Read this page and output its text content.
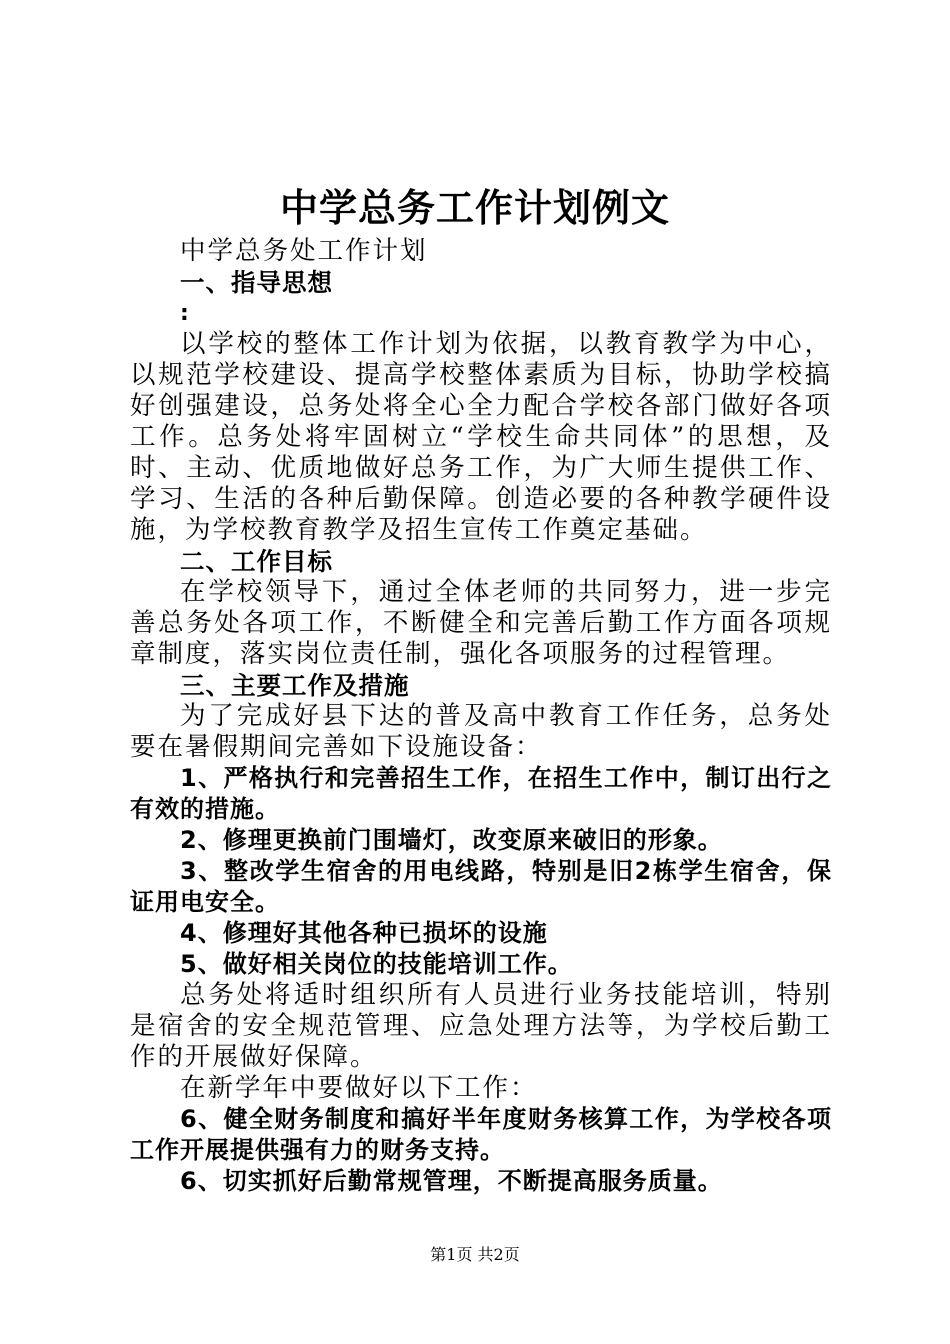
中学总务工作计划例文

中学总务处工作计划

一、指导思想

:

以学校的整体工作计划为依据，以教育教学为中心，以规范学校建设、提高学校整体素质为目标，协助学校搞好创强建设，总务处将全心全力配合学校各部门做好各项工作。总务处将牢固树立“学校生命共同体”的思想，及时、主动、优质地做好总务工作，为广大师生提供工作、学习、生活的各种后勤保障。创造必要的各种教学硬件设施，为学校教育教学及招生宣传工作奠定基础。

二、工作目标

在学校领导下，通过全体老师的共同努力，进一步完善总务处各项工作，不断健全和完善后勤工作方面各项规章制度，落实岗位责任制，强化各项服务的过程管理。

三、主要工作及措施

为了完成好县下达的普及高中教育工作任务，总务处要在暑假期间完善如下设施设备：

1、严格执行和完善招生工作，在招生工作中，制订出行之有效的措施。

2、修理更换前门围墙灯，改变原来破旧的形象。

3、整改学生宿舍的用电线路，特别是旧2栋学生宿舍，保证用电安全。

4、修理好其他各种已损坏的设施

5、做好相关岗位的技能培训工作。

总务处将适时组织所有人员进行业务技能培训，特别是宿舍的安全规范管理、应急处理方法等，为学校后勤工作的开展做好保障。

在新学年中要做好以下工作：

6、健全财务制度和搞好半年度财务核算工作，为学校各项工作开展提供强有力的财务支持。

6、切实抓好后勤常规管理，不断提高服务质量。

第1页 共2页
